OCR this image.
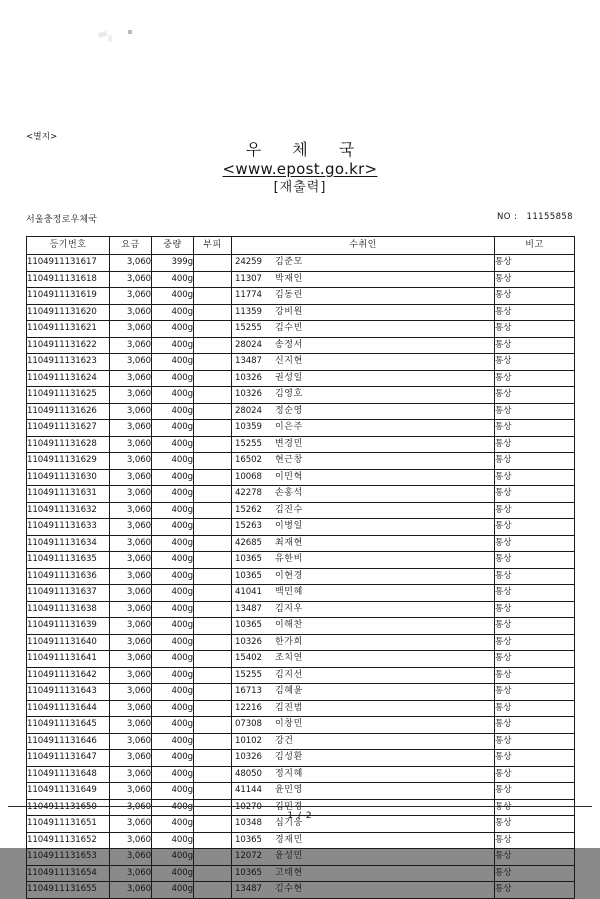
<별지>
우 체 국
<www.epost.go.kr>
[재출력]
서울충정로우체국	NO : 11155858
등기번호	요금	중량	부피	수취인	비고
1104911131617	3,060	399g		24259 김준모	통상
1104911131618	3,060	400g		11307 박재인	통상
1104911131619	3,060	400g		11774 김동린	통상
1104911131620	3,060	400g		11359 강비원	통상
1104911131621	3,060	400g		15255 김수빈	통상
1104911131622	3,060	400g		28024 송정서	통상
1104911131623	3,060	400g		13487 신지현	통상
1104911131624	3,060	400g		10326 권성일	통상
1104911131625	3,060	400g		10326 김영호	통상
1104911131626	3,060	400g		28024 정순영	통상
1104911131627	3,060	400g		10359 이은주	통상
1104911131628	3,060	400g		15255 변경민	통상
1104911131629	3,060	400g		16502 현근창	통상
1104911131630	3,060	400g		10068 이민혁	통상
1104911131631	3,060	400g		42278 손홍석	통상
1104911131632	3,060	400g		15262 김진수	통상
1104911131633	3,060	400g		15263 이병일	통상
1104911131634	3,060	400g		42685 최재현	통상
1104911131635	3,060	400g		10365 유한비	통상
1104911131636	3,060	400g		10365 이현경	통상
1104911131637	3,060	400g		41041 백민혜	통상
1104911131638	3,060	400g		13487 김지우	통상
1104911131639	3,060	400g		10365 이해찬	통상
1104911131640	3,060	400g		10326 한가희	통상
1104911131641	3,060	400g		15402 조치연	통상
1104911131642	3,060	400g		15255 김지선	통상
1104911131643	3,060	400g		16713 김혜윤	통상
1104911131644	3,060	400g		12216 김진범	통상
1104911131645	3,060	400g		07308 이창민	통상
1104911131646	3,060	400g		10102 강건	통상
1104911131647	3,060	400g		10326 김성환	통상
1104911131648	3,060	400g		48050 정지혜	통상
1104911131649	3,060	400g		41144 윤민영	통상
1104911131650	3,060	400g		10270 김민경	통상
1104911131651	3,060	400g		10348 심기웅	통상
1104911131652	3,060	400g		10365 경재민	통상
1104911131653	3,060	400g		12072 윤성민	통상
1104911131654	3,060	400g		10365 고태현	통상
1104911131655	3,060	400g		13487 김수현	통상
1 / 2
